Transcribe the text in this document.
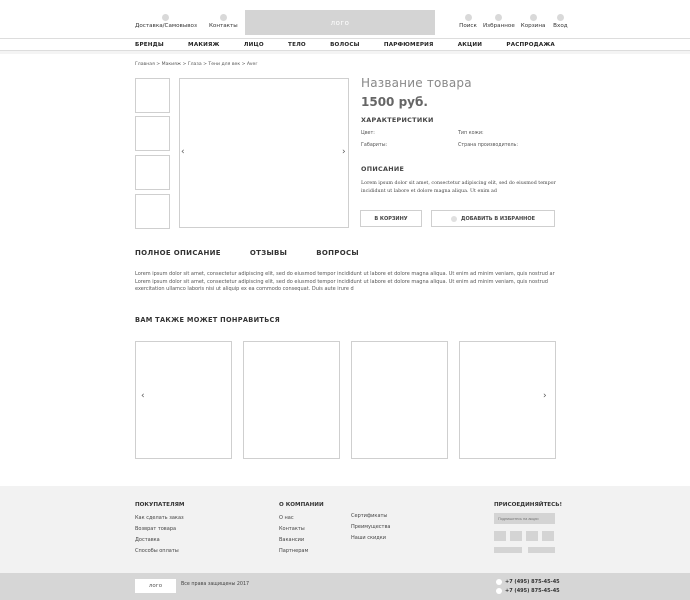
Доставка/Самовывоз Контакты	лого	Поиск Избранное Корзина Вход
БРЕНДЫ	МАКИЯЖ	ЛИЦО	ТЕЛО	ВОЛОСЫ	ПАРФЮМЕРИЯ	АКЦИИ	РАСПРОДАЖА
Главная > Макияж > Глаза > Тени для век > Aver
‹	›
Название товара
1500 руб.
ХАРАКТЕРИСТИКИ
Цвет:	Тип кожи:
Габариты:	Страна производитель:
ОПИСАНИЕ
Lorem ipsum dolor sit amet, consectetur adipiscing elit, sed do eiusmod tempor incididunt ut labore et dolore magna aliqua. Ut enim ad
В КОРЗИНУ	ДОБАВИТЬ В ИЗБРАННОЕ
ПОЛНОЕ ОПИСАНИЕ	ОТЗЫВЫ	ВОПРОСЫ
Lorem ipsum dolor sit amet, consectetur adipiscing elit, sed do eiusmod tempor incididunt ut labore et dolore magna aliqua. Ut enim ad minim veniam, quis nostrud ar Lorem ipsum dolor sit amet, consectetur adipiscing elit, sed do eiusmod tempor incididunt ut labore et dolore magna aliqua. Ut enim ad minim veniam, quis nostrud exercitation ullamco laboris nisi ut aliquip ex ea commodo consequat. Duis aute irure d
ВАМ ТАКЖЕ МОЖЕТ ПОНРАВИТЬСЯ
‹	›
ПОКУПАТЕЛЯМ
Как сделать заказ
Возврат товара
Доставка
Способы оплаты
О КОМПАНИИ
О нас
Контакты
Вакансии
Партнерам
Сертификаты
Преимущества
Наши скидки
ПРИСОЕДИНЯЙТЕСЬ!
Подпишитесь на акции
лого	Все права защищены 2017	+7 (495) 875-45-45
+7 (495) 875-45-45
